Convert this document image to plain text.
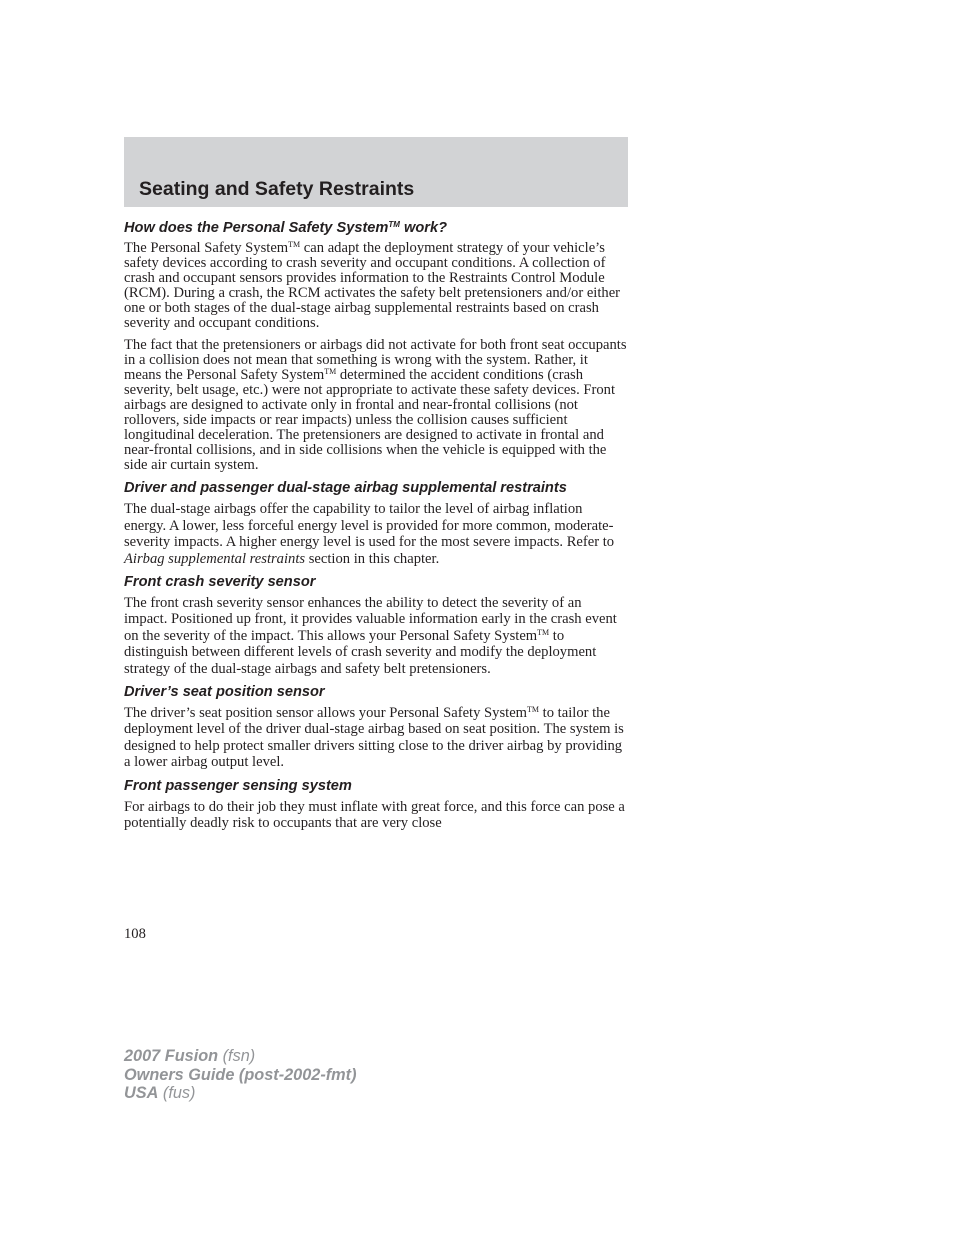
Seating and Safety Restraints
How does the Personal Safety System™ work?

The Personal Safety System™ can adapt the deployment strategy of your vehicle’s safety devices according to crash severity and occupant conditions. A collection of crash and occupant sensors provides information to the Restraints Control Module (RCM). During a crash, the RCM activates the safety belt pretensioners and/or either one or both stages of the dual-stage airbag supplemental restraints based on crash severity and occupant conditions.

The fact that the pretensioners or airbags did not activate for both front seat occupants in a collision does not mean that something is wrong with the system. Rather, it means the Personal Safety System™ determined the accident conditions (crash severity, belt usage, etc.) were not appropriate to activate these safety devices. Front airbags are designed to activate only in frontal and near-frontal collisions (not rollovers, side impacts or rear impacts) unless the collision causes sufficient longitudinal deceleration. The pretensioners are designed to activate in frontal and near-frontal collisions, and in side collisions when the vehicle is equipped with the side air curtain system.

Driver and passenger dual-stage airbag supplemental restraints

The dual-stage airbags offer the capability to tailor the level of airbag inflation energy. A lower, less forceful energy level is provided for more common, moderate-severity impacts. A higher energy level is used for the most severe impacts. Refer to Airbag supplemental restraints section in this chapter.

Front crash severity sensor

The front crash severity sensor enhances the ability to detect the severity of an impact. Positioned up front, it provides valuable information early in the crash event on the severity of the impact. This allows your Personal Safety System™ to distinguish between different levels of crash severity and modify the deployment strategy of the dual-stage airbags and safety belt pretensioners.

Driver’s seat position sensor

The driver’s seat position sensor allows your Personal Safety System™ to tailor the deployment level of the driver dual-stage airbag based on seat position. The system is designed to help protect smaller drivers sitting close to the driver airbag by providing a lower airbag output level.

Front passenger sensing system

For airbags to do their job they must inflate with great force, and this force can pose a potentially deadly risk to occupants that are very close

108
2007 Fusion (fsn)
Owners Guide (post-2002-fmt)
USA (fus)
